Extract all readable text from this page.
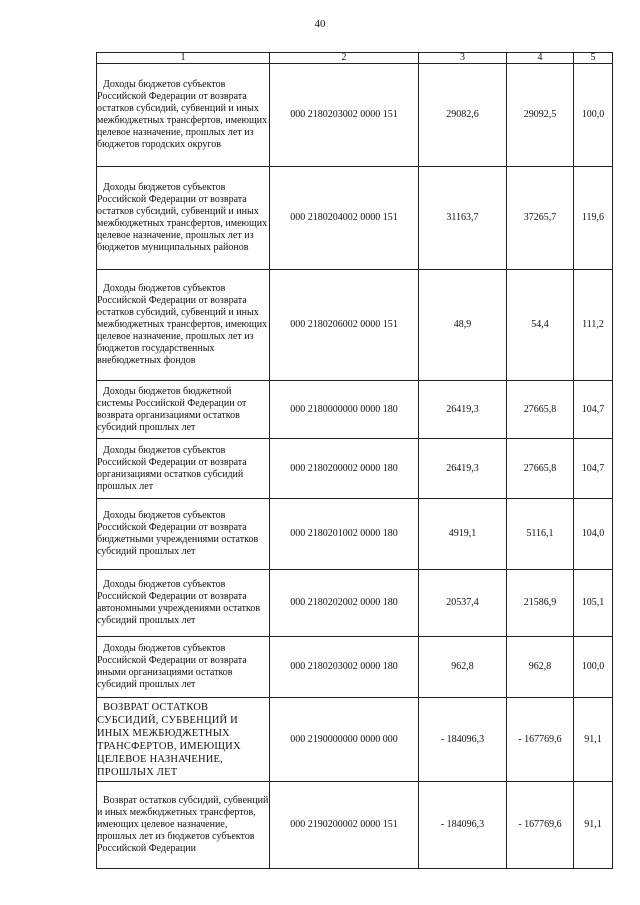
40
1	2	3	4	5
Доходы бюджетов субъектов Российской Федерации от возврата остатков субсидий, субвенций и иных межбюджетных трансфертов, имеющих целевое назначение, прошлых лет из бюджетов городских округов	000 2180203002 0000 151	29082,6	29092,5	100,0
Доходы бюджетов субъектов Российской Федерации от возврата остатков субсидий, субвенций и иных межбюджетных трансфертов, имеющих целевое назначение, прошлых лет из бюджетов муниципальных районов	000 2180204002 0000 151	31163,7	37265,7	119,6
Доходы бюджетов субъектов Российской Федерации от возврата остатков субсидий, субвенций и иных межбюджетных трансфертов, имеющих целевое назначение, прошлых лет из бюджетов государственных внебюджетных фондов	000 2180206002 0000 151	48,9	54,4	111,2
Доходы бюджетов бюджетной системы Российской Федерации от возврата организациями остатков субсидий прошлых лет	000 2180000000 0000 180	26419,3	27665,8	104,7
Доходы бюджетов субъектов Российской Федерации от возврата организациями остатков субсидий прошлых лет	000 2180200002 0000 180	26419,3	27665,8	104,7
Доходы бюджетов субъектов Российской Федерации от возврата бюджетными учреждениями остатков субсидий прошлых лет	000 2180201002 0000 180	4919,1	5116,1	104,0
Доходы бюджетов субъектов Российской Федерации от возврата автономными учреждениями остатков субсидий прошлых лет	000 2180202002 0000 180	20537,4	21586,9	105,1
Доходы бюджетов субъектов Российской Федерации от возврата иными организациями остатков субсидий прошлых лет	000 2180203002 0000 180	962,8	962,8	100,0
ВОЗВРАТ ОСТАТКОВ СУБСИДИЙ, СУБВЕНЦИЙ И ИНЫХ МЕЖБЮДЖЕТНЫХ ТРАНСФЕРТОВ, ИМЕЮЩИХ ЦЕЛЕВОЕ НАЗНАЧЕНИЕ, ПРОШЛЫХ ЛЕТ	000 2190000000 0000 000	- 184096,3	- 167769,6	91,1
Возврат остатков субсидий, субвенций и иных межбюджетных трансфертов, имеющих целевое назначение, прошлых лет из бюджетов субъектов Российской Федерации	000 2190200002 0000 151	- 184096,3	- 167769,6	91,1
